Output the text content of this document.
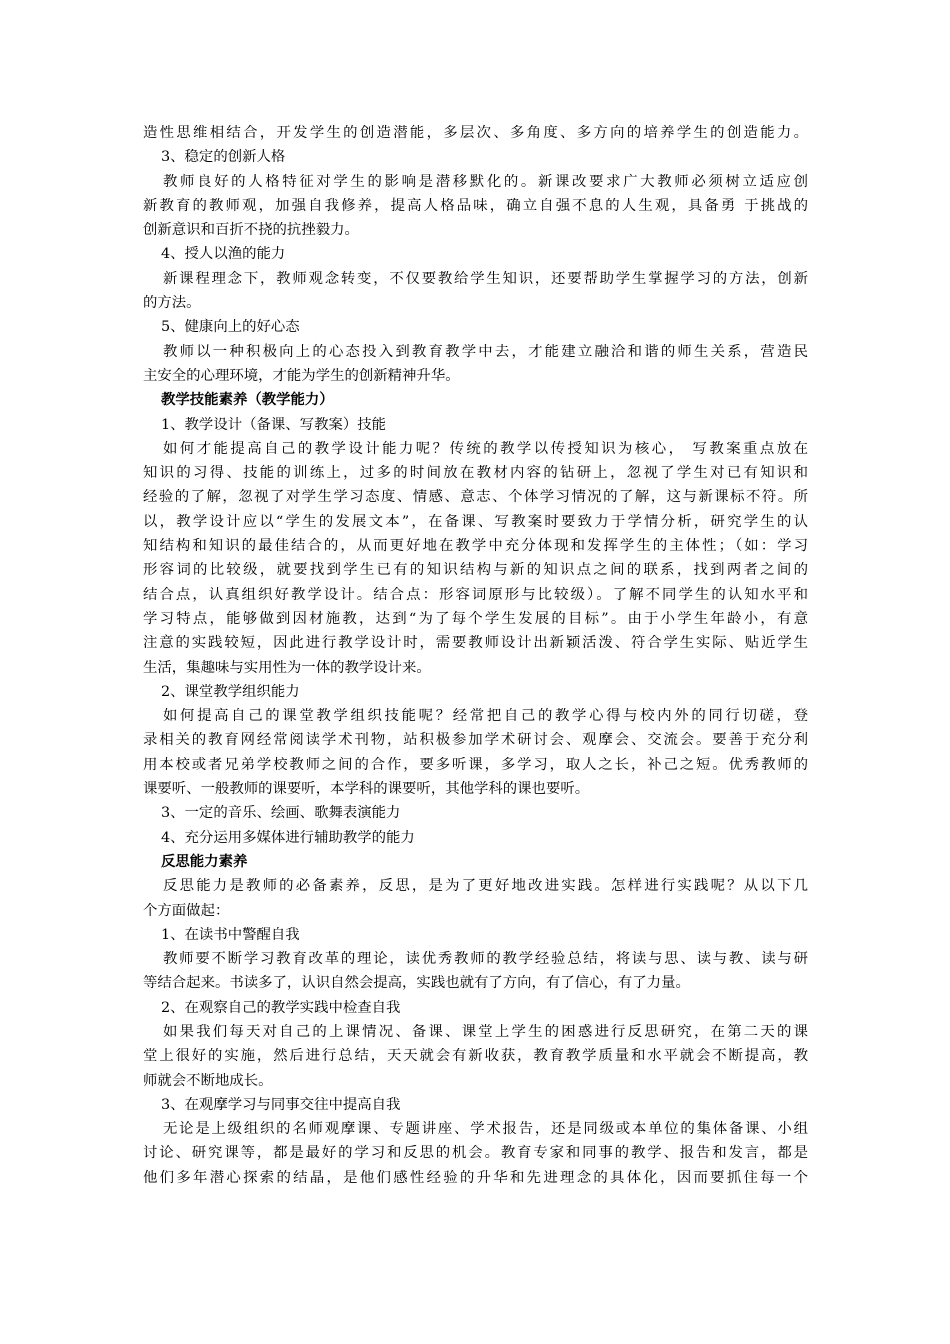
造性思维相结合，开发学生的创造潜能，多层次、多角度、多方向的培养学生的创造能力。
3、稳定的创新人格
教师良好的人格特征对学生的影响是潜移默化的。新课改要求广大教师必须树立适应创
新教育的教师观，加强自我修养，提高人格品味，确立自强不息的人生观，具备勇 于挑战的
创新意识和百折不挠的抗挫毅力。
4、授人以渔的能力
新课程理念下，教师观念转变，不仅要教给学生知识，还要帮助学生掌握学习的方法，创新
的方法。
5、健康向上的好心态
教师以一种积极向上的心态投入到教育教学中去，才能建立融洽和谐的师生关系，营造民
主安全的心理环境，才能为学生的创新精神升华。
教学技能素养（教学能力）
1、教学设计（备课、写教案）技能
如何才能提高自己的教学设计能力呢？传统的教学以传授知识为核心， 写教案重点放在
知识的习得、技能的训练上，过多的时间放在教材内容的钻研上，忽视了学生对已有知识和
经验的了解，忽视了对学生学习态度、情感、意志、个体学习情况的了解，这与新课标不符。所
以，教学设计应以“学生的发展文本”，在备课、写教案时要致力于学情分析，研究学生的认
知结构和知识的最佳结合的，从而更好地在教学中充分体现和发挥学生的主体性；（如：学习
形容词的比较级，就要找到学生已有的知识结构与新的知识点之间的联系，找到两者之间的
结合点，认真组织好教学设计。结合点：形容词原形与比较级）。了解不同学生的认知水平和
学习特点，能够做到因材施教，达到“为了每个学生发展的目标”。由于小学生年龄小，有意
注意的实践较短，因此进行教学设计时，需要教师设计出新颖活泼、符合学生实际、贴近学生
生活，集趣味与实用性为一体的教学设计来。
2、课堂教学组织能力
如何提高自己的课堂教学组织技能呢？经常把自己的教学心得与校内外的同行切磋，登
录相关的教育网经常阅读学术刊物，站积极参加学术研讨会、观摩会、交流会。要善于充分利
用本校或者兄弟学校教师之间的合作，要多听课，多学习，取人之长，补己之短。优秀教师的
课要听、一般教师的课要听，本学科的课要听，其他学科的课也要听。
3、一定的音乐、绘画、歌舞表演能力
4、充分运用多媒体进行辅助教学的能力
反思能力素养
反思能力是教师的必备素养，反思，是为了更好地改进实践。怎样进行实践呢？从以下几
个方面做起：
1、在读书中警醒自我
教师要不断学习教育改革的理论，读优秀教师的教学经验总结，将读与思、读与教、读与研
等结合起来。书读多了，认识自然会提高，实践也就有了方向，有了信心，有了力量。
2、在观察自己的教学实践中检查自我
如果我们每天对自己的上课情况、备课、课堂上学生的困惑进行反思研究，在第二天的课
堂上很好的实施，然后进行总结，天天就会有新收获，教育教学质量和水平就会不断提高，教
师就会不断地成长。
3、在观摩学习与同事交往中提高自我
无论是上级组织的名师观摩课、专题讲座、学术报告，还是同级或本单位的集体备课、小组
讨论、研究课等，都是最好的学习和反思的机会。教育专家和同事的教学、报告和发言，都是
他们多年潜心探索的结晶，是他们感性经验的升华和先进理念的具体化，因而要抓住每一个
